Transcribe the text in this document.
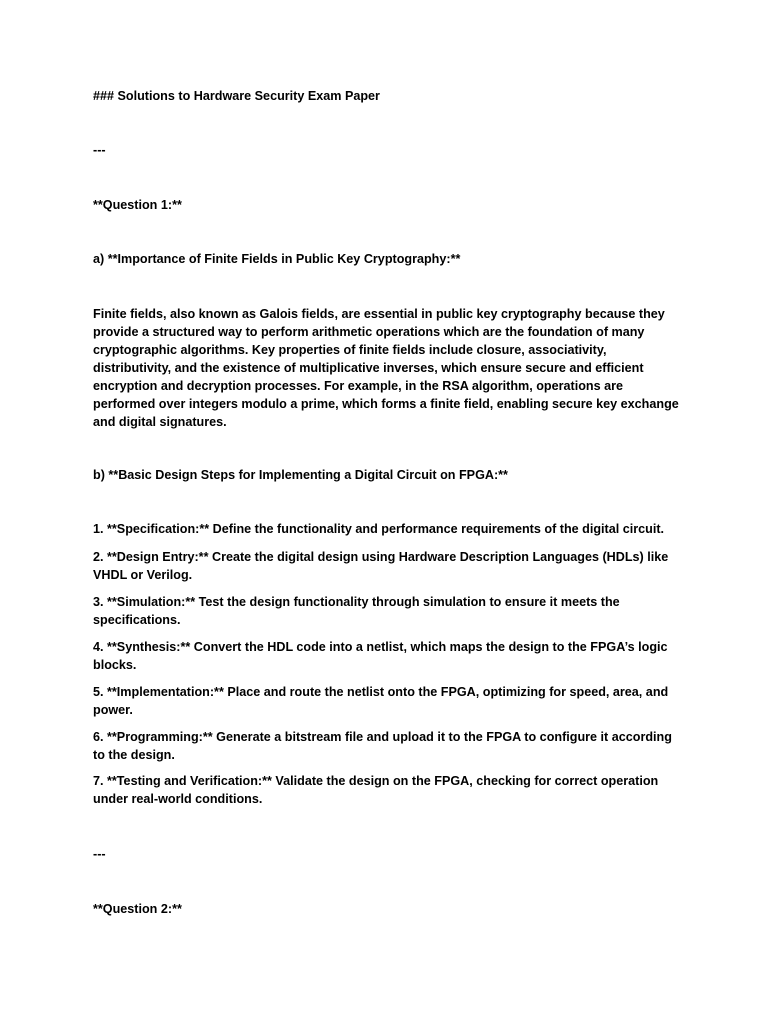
### Solutions to Hardware Security Exam Paper
---
**Question 1:**
a) **Importance of Finite Fields in Public Key Cryptography:**
Finite fields, also known as Galois fields, are essential in public key cryptography because they
provide a structured way to perform arithmetic operations which are the foundation of many
cryptographic algorithms. Key properties of finite fields include closure, associativity,
distributivity, and the existence of multiplicative inverses, which ensure secure and efficient
encryption and decryption processes. For example, in the RSA algorithm, operations are
performed over integers modulo a prime, which forms a finite field, enabling secure key exchange
and digital signatures.
b) **Basic Design Steps for Implementing a Digital Circuit on FPGA:**
1. **Specification:** Define the functionality and performance requirements of the digital circuit.
2. **Design Entry:** Create the digital design using Hardware Description Languages (HDLs) like
VHDL or Verilog.
3. **Simulation:** Test the design functionality through simulation to ensure it meets the
specifications.
4. **Synthesis:** Convert the HDL code into a netlist, which maps the design to the FPGA’s logic
blocks.
5. **Implementation:** Place and route the netlist onto the FPGA, optimizing for speed, area, and
power.
6. **Programming:** Generate a bitstream file and upload it to the FPGA to configure it according
to the design.
7. **Testing and Verification:** Validate the design on the FPGA, checking for correct operation
under real-world conditions.
---
**Question 2:**
